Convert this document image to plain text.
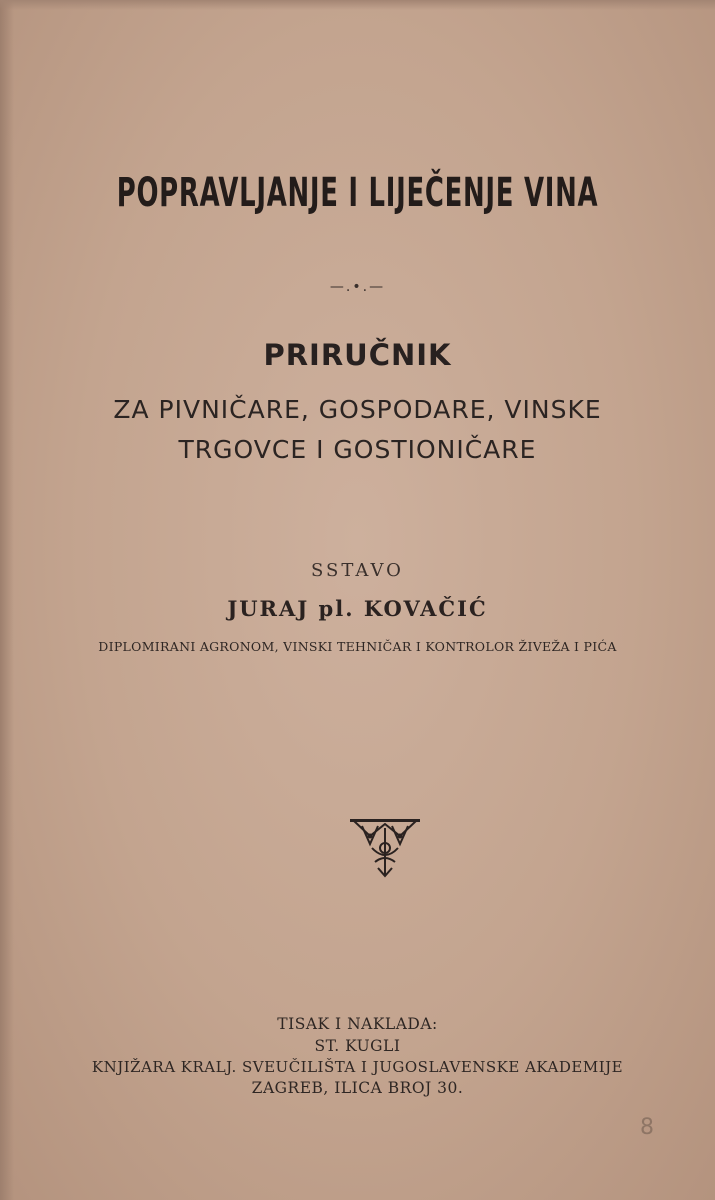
POPRAVLJANJE I LIJEČENJE VINA
—.•.—
PRIRUČNIK
ZA PIVNIČARE, GOSPODARE, VINSKE
TRGOVCE I GOSTIONIČARE
SSTAVO
JURAJ pl. KOVAČIĆ
DIPLOMIRANI AGRONOM, VINSKI TEHNIČAR I KONTROLOR ŽIVEŽA I PIĆA
TISAK I NAKLADA:
ST. KUGLI
KNJIŽARA KRALJ. SVEUČILIŠTA I JUGOSLAVENSKE AKADEMIJE
ZAGREB, ILICA BROJ 30.
8
